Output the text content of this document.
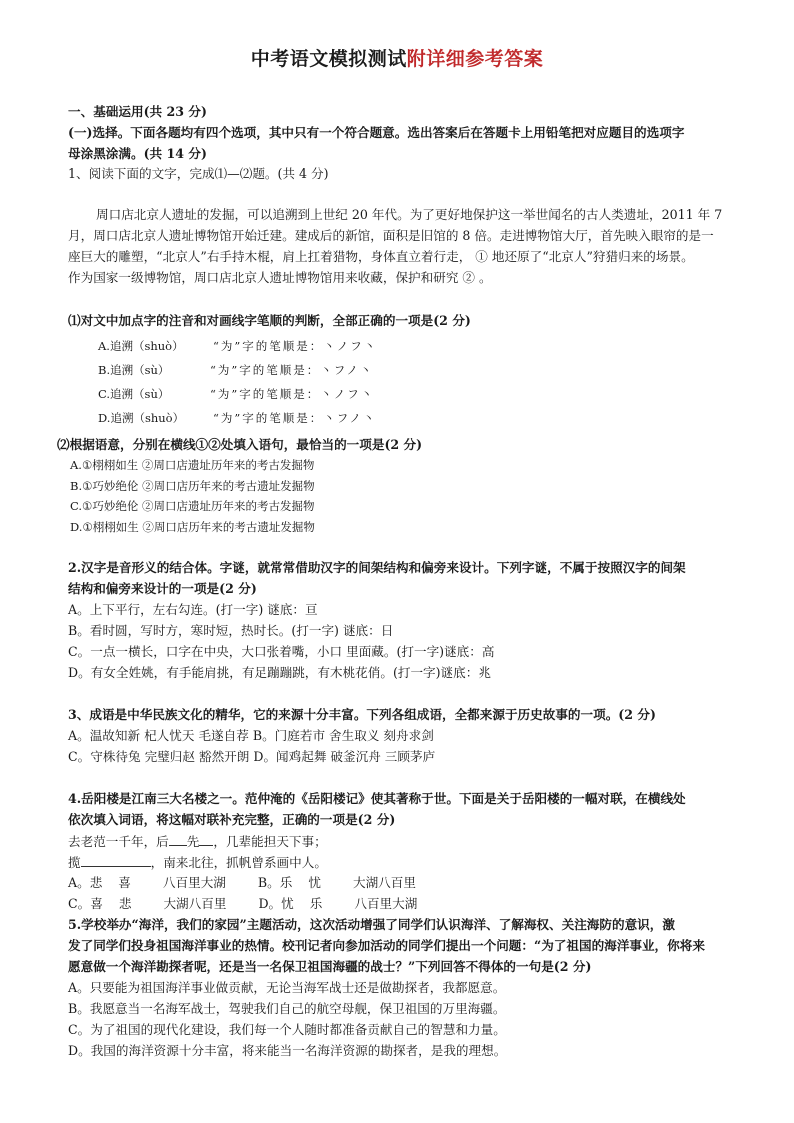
中考语文模拟测试附详细参考答案
一、基础运用(共 23 分)
(一)选择。下面各题均有四个选项，其中只有一个符合题意。选出答案后在答题卡上用铅笔把对应题目的选项字
母涂黑涂满。(共 14 分)
1、阅读下面的文字，完成⑴—⑵题。(共 4 分)
周口店北京人遗址的发掘，可以追溯到上世纪 20 年代。为了更好地保护这一举世闻名的古人类遗址，2011 年 7
月，周口店北京人遗址博物馆开始迁建。建成后的新馆，面积是旧馆的 8 倍。走进博物馆大厅，首先映入眼帘的是一
座巨大的雕塑，“北京人”右手持木棍，肩上扛着猎物，身体直立着行走， ① 地还原了“北京人”狩猎归来的场景。
作为国家一级博物馆，周口店北京人遗址博物馆用来收藏，保护和研究 ② 。
⑴对文中加点字的注音和对画线字笔顺的判断，全部正确的一项是(2 分)
A.追溯（shuò）	“为”字的笔顺是：丶ノフ丶
B.追溯（sù）	“为”字的笔顺是：丶フノ丶
C.追溯（sù）	“为”字的笔顺是：丶ノフ丶
D.追溯（shuò）	“为”字的笔顺是：丶フノ丶
⑵根据语意，分别在横线①②处填入语句，最恰当的一项是(2 分)
A.①栩栩如生 ②周口店遗址历年来的考古发掘物
B.①巧妙绝伦 ②周口店历年来的考古遗址发掘物
C.①巧妙绝伦 ②周口店遗址历年来的考古发掘物
D.①栩栩如生 ②周口店历年来的考古遗址发掘物
2.汉字是音形义的结合体。字谜，就常常借助汉字的间架结构和偏旁来设计。下列字谜，不属于按照汉字的间架
结构和偏旁来设计的一项是(2 分)
A。上下平行，左右勾连。(打一字) 谜底：亘
B。看时圆，写时方，寒时短，热时长。(打一字) 谜底：日
C。一点一横长，口字在中央，大口张着嘴，小口 里面藏。(打一字)谜底：高
D。有女全姓姚，有手能肩挑，有足蹦蹦跳，有木桃花俏。(打一字)谜底：兆
3、成语是中华民族文化的精华，它的来源十分丰富。下列各组成语，全都来源于历史故事的一项。(2 分)
A。温故知新 杞人忧天 毛遂自荐 B。门庭若市 舍生取义 刻舟求剑
C。守株待兔 完璧归赵 豁然开朗 D。闻鸡起舞 破釜沉舟 三顾茅庐
4.岳阳楼是江南三大名楼之一。范仲淹的《岳阳楼记》使其著称于世。下面是关于岳阳楼的一幅对联，在横线处
依次填入词语，将这幅对联补充完整，正确的一项是(2 分)
去老范一千年，后 先 ，几辈能担天下事；
揽	，南来北往，抓帆曾系画中人。
A。悲    喜        八百里大湖        B。乐    忧        大湖八百里
C。喜    悲        大湖八百里        D。忧    乐        八百里大湖
5.学校举办“海洋，我们的家园”主题活动，这次活动增强了同学们认识海洋、了解海权、关注海防的意识，激
发了同学们投身祖国海洋事业的热情。校刊记者向参加活动的同学们提出一个问题：“为了祖国的海洋事业，你将来
愿意做一个海洋勘探者呢，还是当一名保卫祖国海疆的战士？”下列回答不得体的一句是(2 分)
A。只要能为祖国海洋事业做贡献，无论当海军战士还是做勘探者，我都愿意。
B。我愿意当一名海军战士，驾驶我们自己的航空母舰，保卫祖国的万里海疆。
C。为了祖国的现代化建设，我们每一个人随时都准备贡献自己的智慧和力量。
D。我国的海洋资源十分丰富，将来能当一名海洋资源的勘探者，是我的理想。
